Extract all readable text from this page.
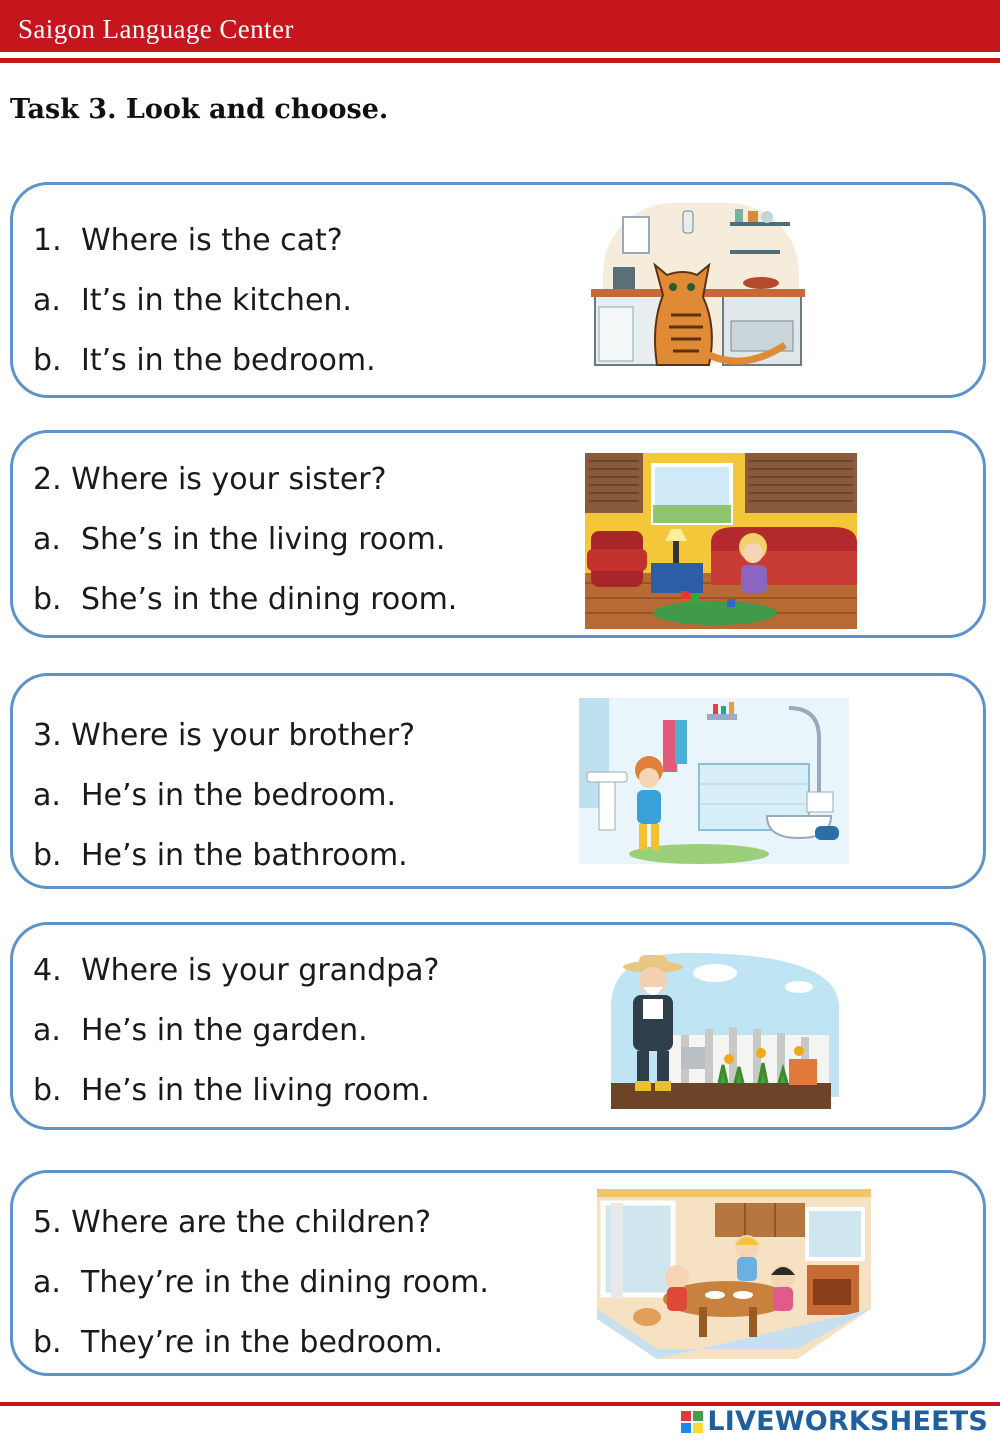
Saigon Language Center
Task 3. Look and choose.
1. Where is the cat?
a. It’s in the kitchen.
b. It’s in the bedroom.
2. Where is your sister?
a. She’s in the living room.
b. She’s in the dining room.
3. Where is your brother?
a. He’s in the bedroom.
b. He’s in the bathroom.
4. Where is your grandpa?
a. He’s in the garden.
b. He’s in the living room.
5. Where are the children?
a. They’re in the dining room.
b. They’re in the bedroom.
LIVEWORKSHEETS
